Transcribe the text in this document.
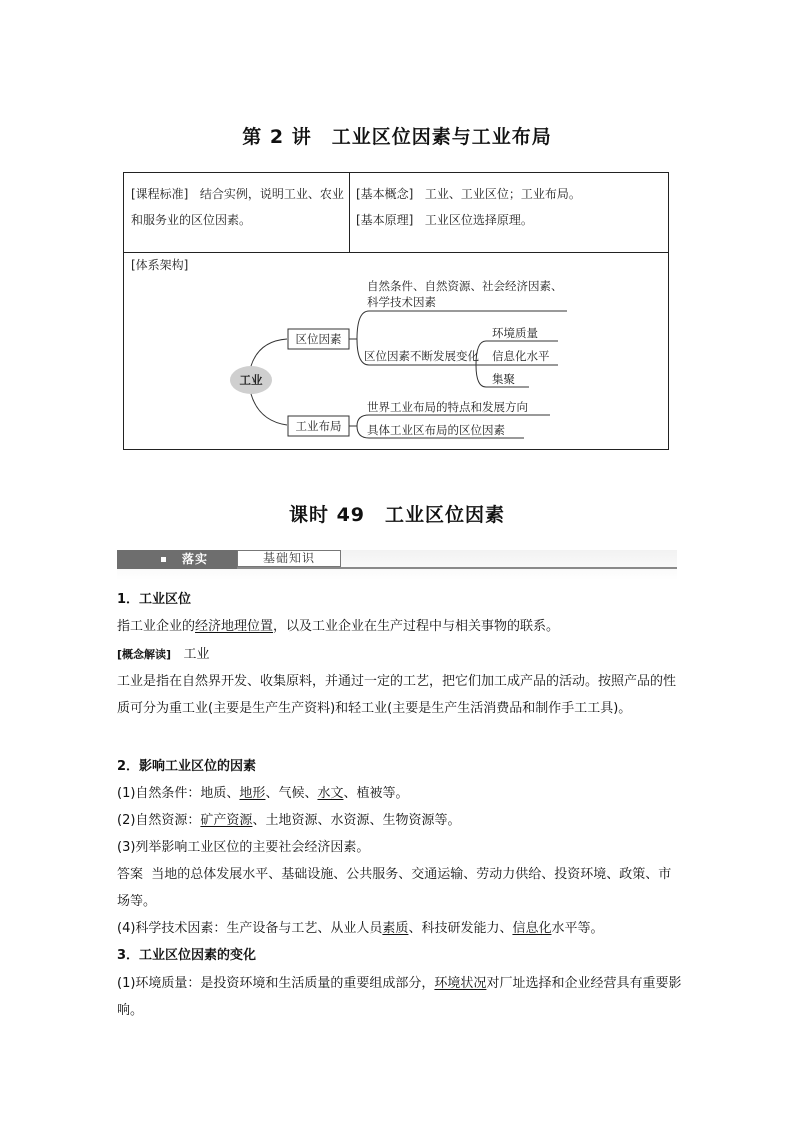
第 2 讲　工业区位因素与工业布局
[课程标准] 结合实例，说明工业、农业和服务业的区位因素。
[基本概念] 工业、工业区位；工业布局。
[基本原理] 工业区位选择原理。
[体系架构]
工业
区位因素
自然条件、自然资源、社会经济因素、
科学技术因素
区位因素不断发展变化
环境质量
信息化水平
集聚
工业布局
世界工业布局的特点和发展方向
具体工业区布局的区位因素
课时 49　工业区位因素
落实	基础知识
1．工业区位
指工业企业的经济地理位置，以及工业企业在生产过程中与相关事物的联系。
[概念解读] 工业
工业是指在自然界开发、收集原料，并通过一定的工艺，把它们加工成产品的活动。按照产品的性质可分为重工业(主要是生产生产资料)和轻工业(主要是生产生活消费品和制作手工工具)。
2．影响工业区位的因素
(1)自然条件：地质、地形、气候、水文、植被等。
(2)自然资源：矿产资源、土地资源、水资源、生物资源等。
(3)列举影响工业区位的主要社会经济因素。
答案 当地的总体发展水平、基础设施、公共服务、交通运输、劳动力供给、投资环境、政策、市场等。
(4)科学技术因素：生产设备与工艺、从业人员素质、科技研发能力、信息化水平等。
3．工业区位因素的变化
(1)环境质量：是投资环境和生活质量的重要组成部分，环境状况对厂址选择和企业经营具有重要影响。
